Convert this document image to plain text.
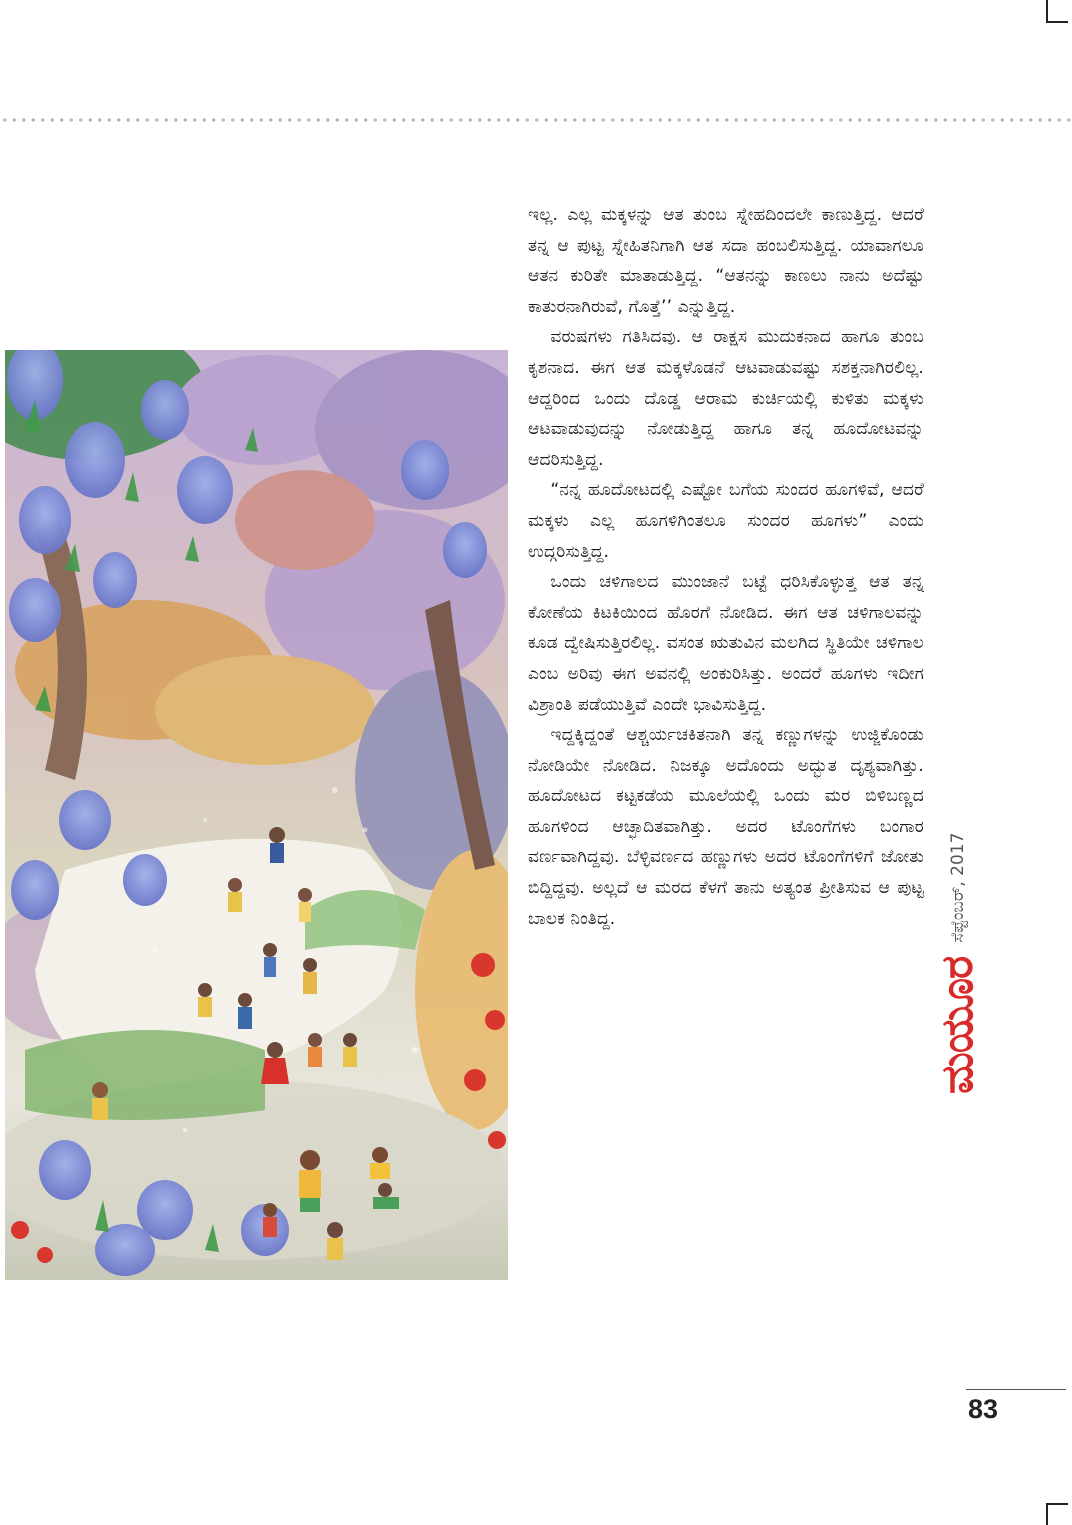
ಇಲ್ಲ. ಎಲ್ಲ ಮಕ್ಕಳನ್ನು ಆತ ತುಂಬ ಸ್ನೇಹದಿಂದಲೇ ಕಾಣುತ್ತಿದ್ದ. ಆದರೆ ತನ್ನ ಆ ಪುಟ್ಟ ಸ್ನೇಹಿತನಿಗಾಗಿ ಆತ ಸದಾ ಹಂಬಲಿಸುತ್ತಿದ್ದ. ಯಾವಾಗಲೂ ಆತನ ಕುರಿತೇ ಮಾತಾಡುತ್ತಿದ್ದ. “ಆತನನ್ನು ಕಾಣಲು ನಾನು ಅದೆಷ್ಟು ಕಾತುರನಾಗಿರುವೆ, ಗೊತ್ತೆ’’ ಎನ್ನುತ್ತಿದ್ದ.

ವರುಷಗಳು ಗತಿಸಿದವು. ಆ ರಾಕ್ಷಸ ಮುದುಕನಾದ ಹಾಗೂ ತುಂಬ ಕೃಶನಾದ. ಈಗ ಆತ ಮಕ್ಕಳೊಡನೆ ಆಟವಾಡುವಷ್ಟು ಸಶಕ್ತನಾಗಿರಲಿಲ್ಲ. ಆದ್ದರಿಂದ ಒಂದು ದೊಡ್ಡ ಆರಾಮ ಕುರ್ಚಿಯಲ್ಲಿ ಕುಳಿತು ಮಕ್ಕಳು ಆಟವಾಡುವುದನ್ನು ನೋಡುತ್ತಿದ್ದ ಹಾಗೂ ತನ್ನ ಹೂದೋಟವನ್ನು ಆದರಿಸುತ್ತಿದ್ದ.

“ನನ್ನ ಹೂದೋಟದಲ್ಲಿ ಎಷ್ಟೋ ಬಗೆಯ ಸುಂದರ ಹೂಗಳಿವೆ, ಆದರೆ ಮಕ್ಕಳು ಎಲ್ಲ ಹೂಗಳಿಗಿಂತಲೂ ಸುಂದರ ಹೂಗಳು” ಎಂದು ಉದ್ಗರಿಸುತ್ತಿದ್ದ.

ಒಂದು ಚಳಿಗಾಲದ ಮುಂಜಾನೆ ಬಟ್ಟೆ ಧರಿಸಿಕೊಳ್ಳುತ್ತ ಆತ ತನ್ನ ಕೋಣೆಯ ಕಿಟಕಿಯಿಂದ ಹೊರಗೆ ನೋಡಿದ. ಈಗ ಆತ ಚಳಿಗಾಲವನ್ನು ಕೂಡ ದ್ವೇಷಿಸುತ್ತಿರಲಿಲ್ಲ. ವಸಂತ ಋತುವಿನ ಮಲಗಿದ ಸ್ಥಿತಿಯೇ ಚಳಿಗಾಲ ಎಂಬ ಅರಿವು ಈಗ ಅವನಲ್ಲಿ ಅಂಕುರಿಸಿತ್ತು. ಅಂದರೆ ಹೂಗಳು ಇದೀಗ ವಿಶ್ರಾಂತಿ ಪಡೆಯುತ್ತಿವೆ ಎಂದೇ ಭಾವಿಸುತ್ತಿದ್ದ.

ಇದ್ದಕ್ಕಿದ್ದಂತೆ ಆಶ್ಚರ್ಯಚಕಿತನಾಗಿ ತನ್ನ ಕಣ್ಣುಗಳನ್ನು ಉಜ್ಜಿಕೊಂಡು ನೋಡಿಯೇ ನೋಡಿದ. ನಿಜಕ್ಕೂ ಅದೊಂದು ಅದ್ಭುತ ದೃಶ್ಯವಾಗಿತ್ತು. ಹೂದೋಟದ ಕಟ್ಟಕಡೆಯ ಮೂಲೆಯಲ್ಲಿ ಒಂದು ಮರ ಬಿಳಿಬಣ್ಣದ ಹೂಗಳಿಂದ ಆಚ್ಛಾದಿತವಾಗಿತ್ತು. ಅದರ ಟೊಂಗೆಗಳು ಬಂಗಾರ ವರ್ಣವಾಗಿದ್ದವು. ಬೆಳ್ಳಿವರ್ಣದ ಹಣ್ಣುಗಳು ಅದರ ಟೊಂಗೆಗಳಿಗೆ ಜೋತು ಬಿದ್ದಿದ್ದವು. ಅಲ್ಲದೆ ಆ ಮರದ ಕೆಳಗೆ ತಾನು ಅತ್ಯಂತ ಪ್ರೀತಿಸುವ ಆ ಪುಟ್ಟ ಬಾಲಕ ನಿಂತಿದ್ದ.

ಮಯೂರ
ಸೆಪ್ಟೆಂಬರ್, 2017
83
